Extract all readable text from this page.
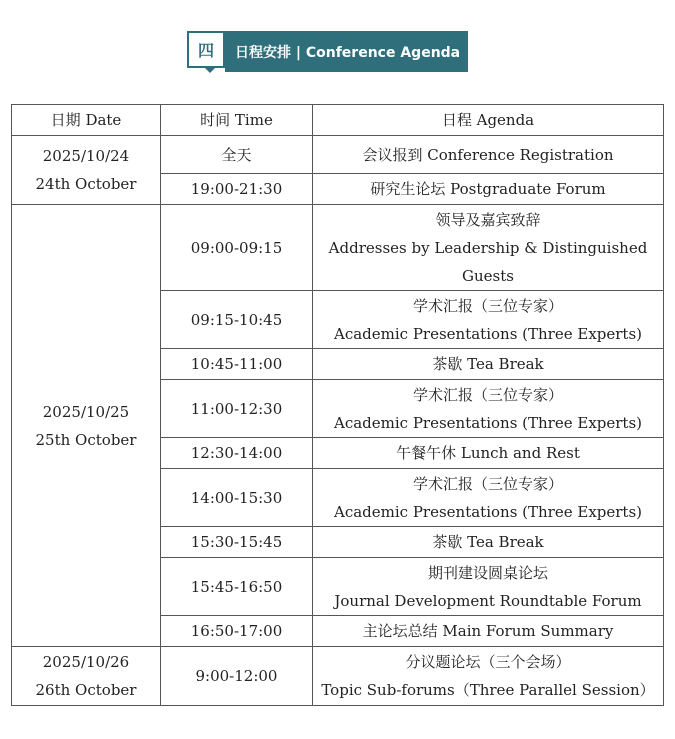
四	日程安排 | Conference Agenda
日期 Date	时间 Time	日程 Agenda

2025/10/24
24th October	全天	会议报到 Conference Registration

	19:00-21:30	研究生论坛 Postgraduate Forum

2025/10/25
25th October	09:00-09:15	领导及嘉宾致辞
Addresses by Leadership & Distinguished
Guests

	09:15-10:45	学术汇报（三位专家）
Academic Presentations (Three Experts)

	10:45-11:00	茶歇 Tea Break

	11:00-12:30	学术汇报（三位专家）
Academic Presentations (Three Experts)

	12:30-14:00	午餐午休 Lunch and Rest

	14:00-15:30	学术汇报（三位专家）
Academic Presentations (Three Experts)

	15:30-15:45	茶歇 Tea Break

	15:45-16:50	期刊建设圆桌论坛
Journal Development Roundtable Forum

	16:50-17:00	主论坛总结 Main Forum Summary

2025/10/26
26th October	9:00-12:00	分议题论坛（三个会场）
Topic Sub-forums（Three Parallel Session）
